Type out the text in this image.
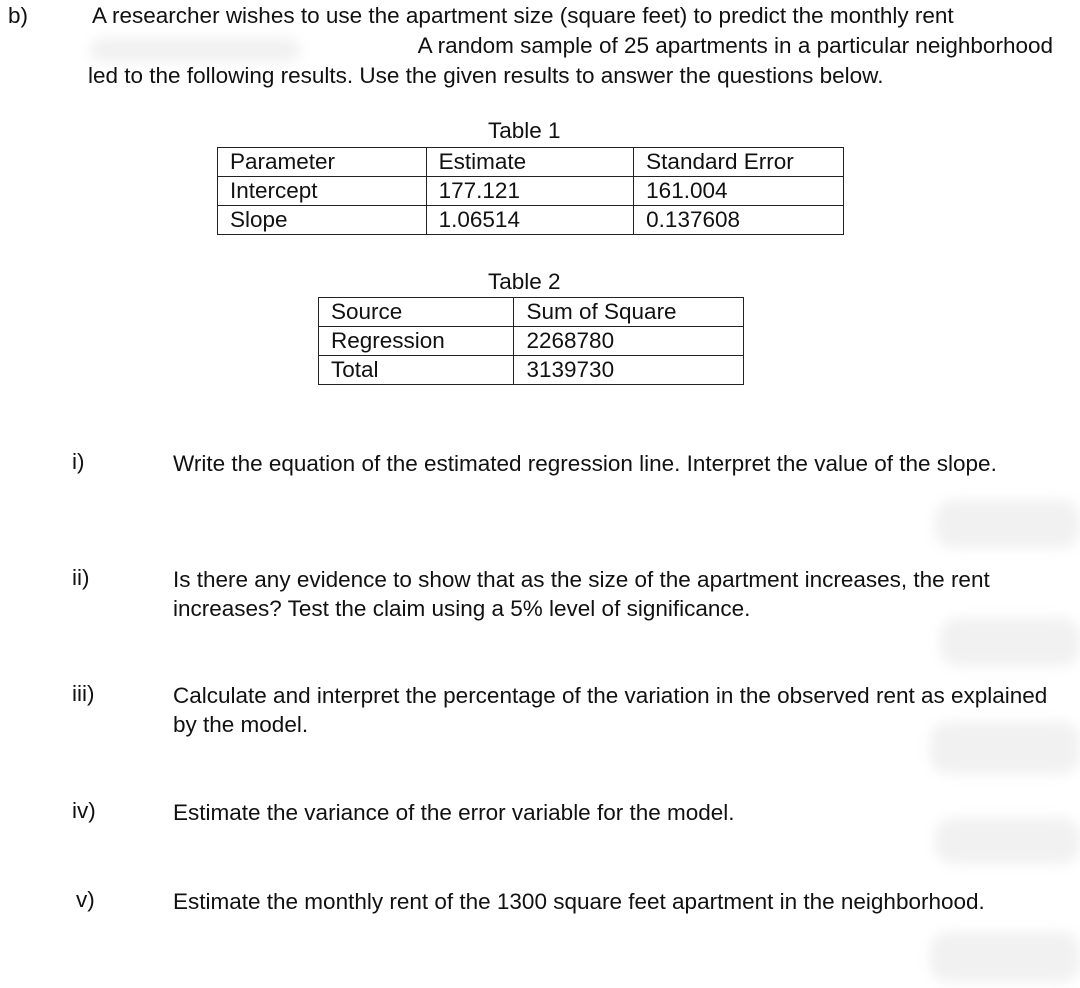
b)	A researcher wishes to use the apartment size (square feet) to predict the monthly rent
A random sample of 25 apartments in a particular neighborhood
led to the following results. Use the given results to answer the questions below.
Table 1
Parameter	Estimate	Standard Error
Intercept	177.121	161.004
Slope	1.06514	0.137608
Table 2
Source	Sum of Square
Regression	2268780
Total	3139730
i)	Write the equation of the estimated regression line. Interpret the value of the slope.
ii)	Is there any evidence to show that as the size of the apartment increases, the rent increases? Test the claim using a 5% level of significance.
iii)	Calculate and interpret the percentage of the variation in the observed rent as explained by the model.
iv)	Estimate the variance of the error variable for the model.
v)	Estimate the monthly rent of the 1300 square feet apartment in the neighborhood.
